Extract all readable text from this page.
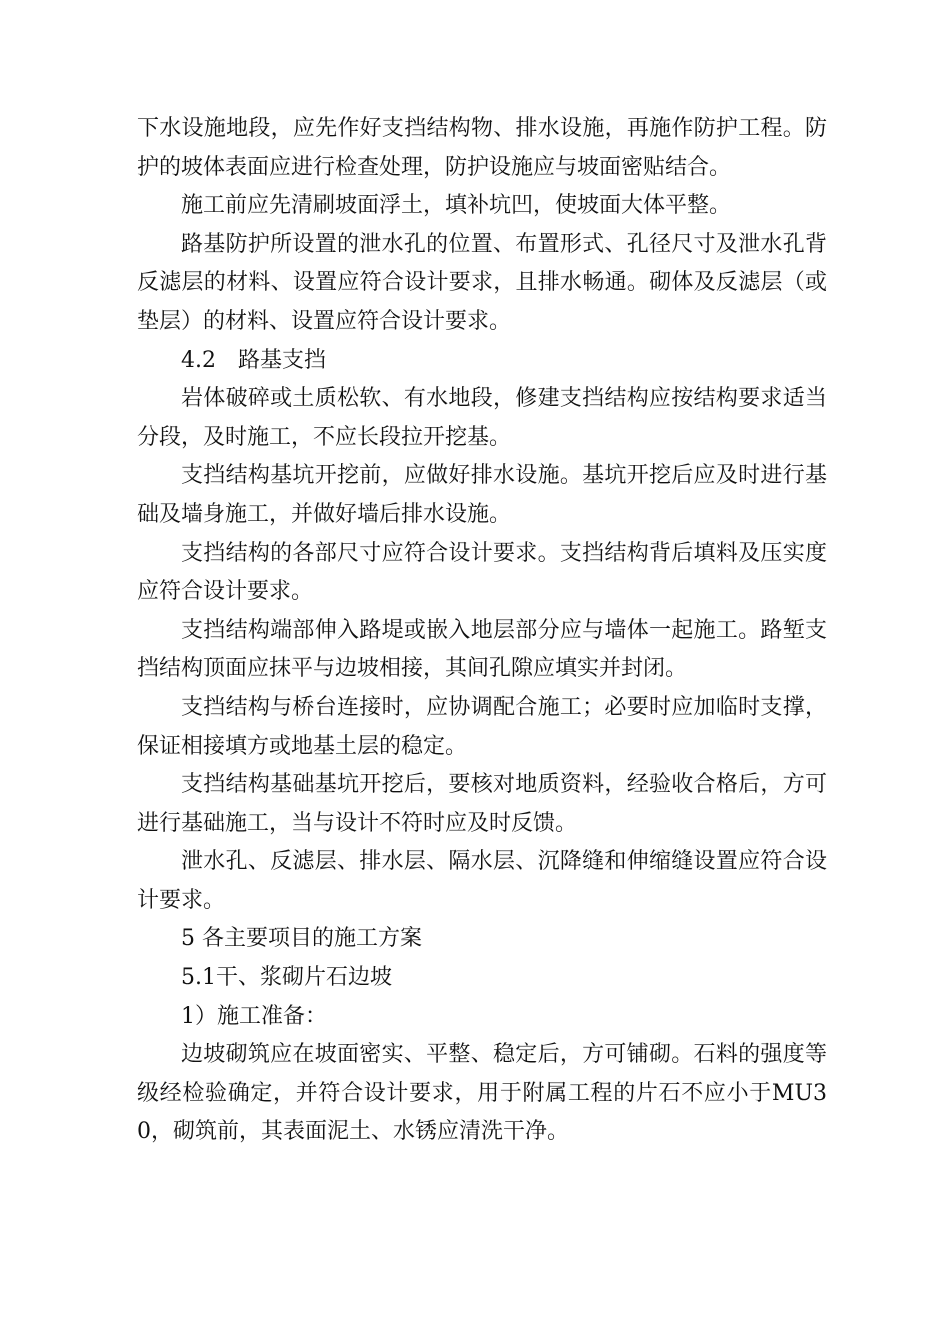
下水设施地段，应先作好支挡结构物、排水设施，再施作防护工程。防护的坡体表面应进行检查处理，防护设施应与坡面密贴结合。

施工前应先清刷坡面浮土，填补坑凹，使坡面大体平整。

路基防护所设置的泄水孔的位置、布置形式、孔径尺寸及泄水孔背反滤层的材料、设置应符合设计要求，且排水畅通。砌体及反滤层（或垫层）的材料、设置应符合设计要求。

4.2　路基支挡

岩体破碎或土质松软、有水地段，修建支挡结构应按结构要求适当分段，及时施工，不应长段拉开挖基。

支挡结构基坑开挖前，应做好排水设施。基坑开挖后应及时进行基础及墙身施工，并做好墙后排水设施。

支挡结构的各部尺寸应符合设计要求。支挡结构背后填料及压实度应符合设计要求。

支挡结构端部伸入路堤或嵌入地层部分应与墙体一起施工。路堑支挡结构顶面应抹平与边坡相接，其间孔隙应填实并封闭。

支挡结构与桥台连接时，应协调配合施工；必要时应加临时支撑，保证相接填方或地基土层的稳定。

支挡结构基础基坑开挖后，要核对地质资料，经验收合格后，方可进行基础施工，当与设计不符时应及时反馈。

泄水孔、反滤层、排水层、隔水层、沉降缝和伸缩缝设置应符合设计要求。

5 各主要项目的施工方案

5.1干、浆砌片石边坡

1）施工准备：

边坡砌筑应在坡面密实、平整、稳定后，方可铺砌。石料的强度等级经检验确定，并符合设计要求，用于附属工程的片石不应小于MU30，砌筑前，其表面泥土、水锈应清洗干净。
